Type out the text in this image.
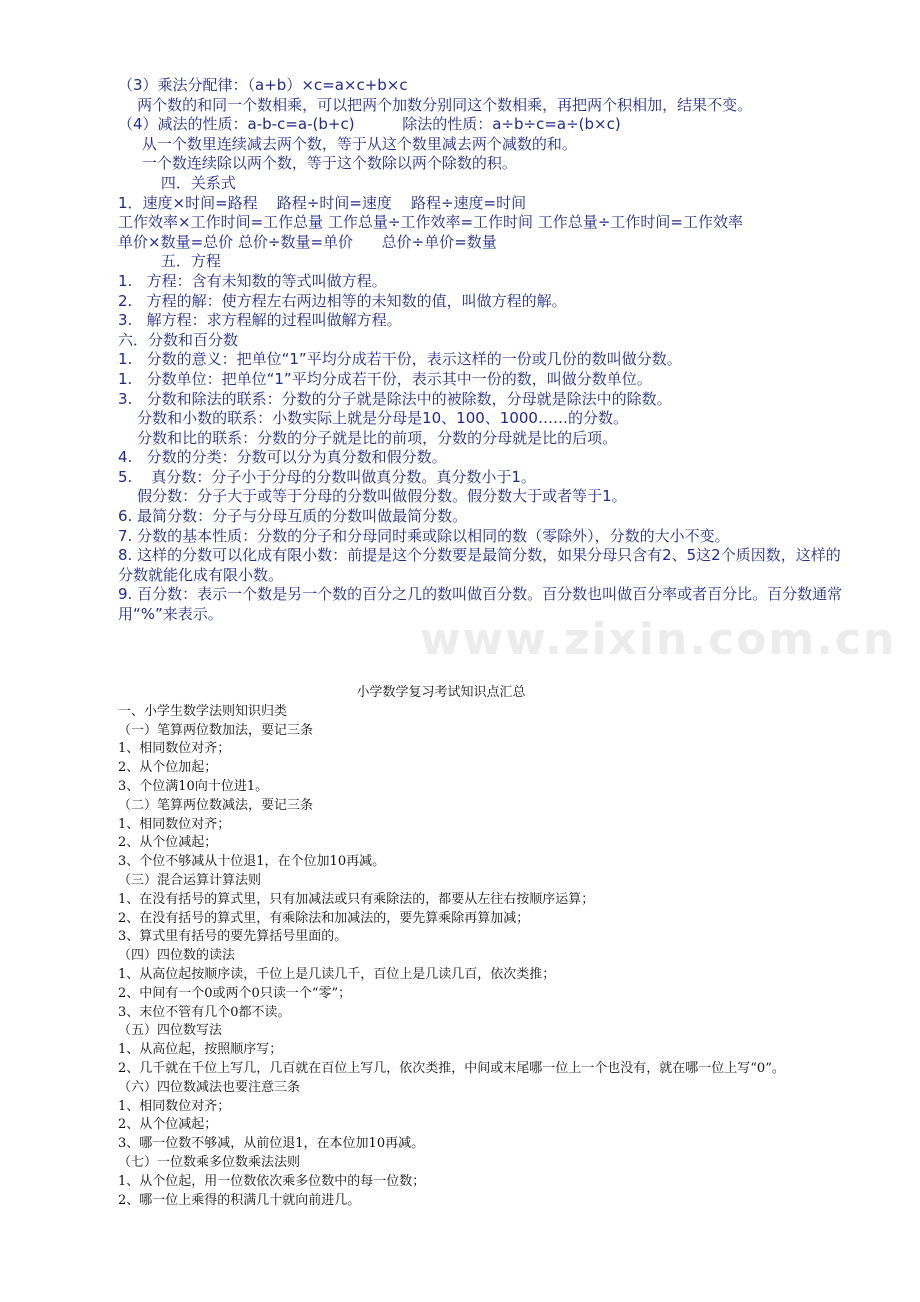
www.zixin.com.cn

（3）乘法分配律：（a+b）×c=a×c+b×c

两个数的和同一个数相乘，可以把两个加数分别同这个数相乘，再把两个积相加，结果不变。

（4）减法的性质：a-b-c=a-(b+c)          除法的性质：a÷b÷c=a÷(b×c)

从一个数里连续减去两个数，等于从这个数里减去两个减数的和。

一个数连续除以两个数，等于这个数除以两个除数的积。

四．关系式

1．速度×时间=路程    路程÷时间=速度    路程÷速度=时间

工作效率×工作时间=工作总量 工作总量÷工作效率=工作时间 工作总量÷工作时间=工作效率

单价×数量=总价 总价÷数量=单价      总价÷单价=数量

五．方程

1.   方程：含有未知数的等式叫做方程。

2.   方程的解：使方程左右两边相等的未知数的值，叫做方程的解。

3.   解方程：求方程解的过程叫做解方程。

六．分数和百分数

1.   分数的意义：把单位“1”平均分成若干份，表示这样的一份或几份的数叫做分数。

1.   分数单位：把单位“1”平均分成若干份，表示其中一份的数，叫做分数单位。

3.   分数和除法的联系：分数的分子就是除法中的被除数，分母就是除法中的除数。

分数和小数的联系：小数实际上就是分母是10、100、1000……的分数。

分数和比的联系：分数的分子就是比的前项，分数的分母就是比的后项。

4.   分数的分类：分数可以分为真分数和假分数。

5.    真分数：分子小于分母的分数叫做真分数。真分数小于1。

假分数：分子大于或等于分母的分数叫做假分数。假分数大于或者等于1。

6. 最简分数：分子与分母互质的分数叫做最简分数。

7. 分数的基本性质：分数的分子和分母同时乘或除以相同的数（零除外），分数的大小不变。

8. 这样的分数可以化成有限小数：前提是这个分数要是最简分数，如果分母只含有2、5这2个质因数，这样的分数就能化成有限小数。

9. 百分数：表示一个数是另一个数的百分之几的数叫做百分数。百分数也叫做百分率或者百分比。百分数通常用“%”来表示。

小学数学复习考试知识点汇总

一、小学生数学法则知识归类

（一）笔算两位数加法，要记三条

1、相同数位对齐；

2、从个位加起；

3、个位满10向十位进1。

（二）笔算两位数减法，要记三条

1、相同数位对齐；

2、从个位减起；

3、个位不够减从十位退1，在个位加10再减。

（三）混合运算计算法则

1、在没有括号的算式里，只有加减法或只有乘除法的，都要从左往右按顺序运算；

2、在没有括号的算式里，有乘除法和加减法的，要先算乘除再算加减；

3、算式里有括号的要先算括号里面的。

（四）四位数的读法

1、从高位起按顺序读，千位上是几读几千，百位上是几读几百，依次类推；

2、中间有一个0或两个0只读一个“零”；

3、末位不管有几个0都不读。

（五）四位数写法

1、从高位起，按照顺序写；

2、几千就在千位上写几，几百就在百位上写几，依次类推，中间或末尾哪一位上一个也没有，就在哪一位上写“0”。

（六）四位数减法也要注意三条

1、相同数位对齐；

2、从个位减起；

3、哪一位数不够减，从前位退1，在本位加10再减。

（七）一位数乘多位数乘法法则

1、从个位起，用一位数依次乘多位数中的每一位数；

2、哪一位上乘得的积满几十就向前进几。
